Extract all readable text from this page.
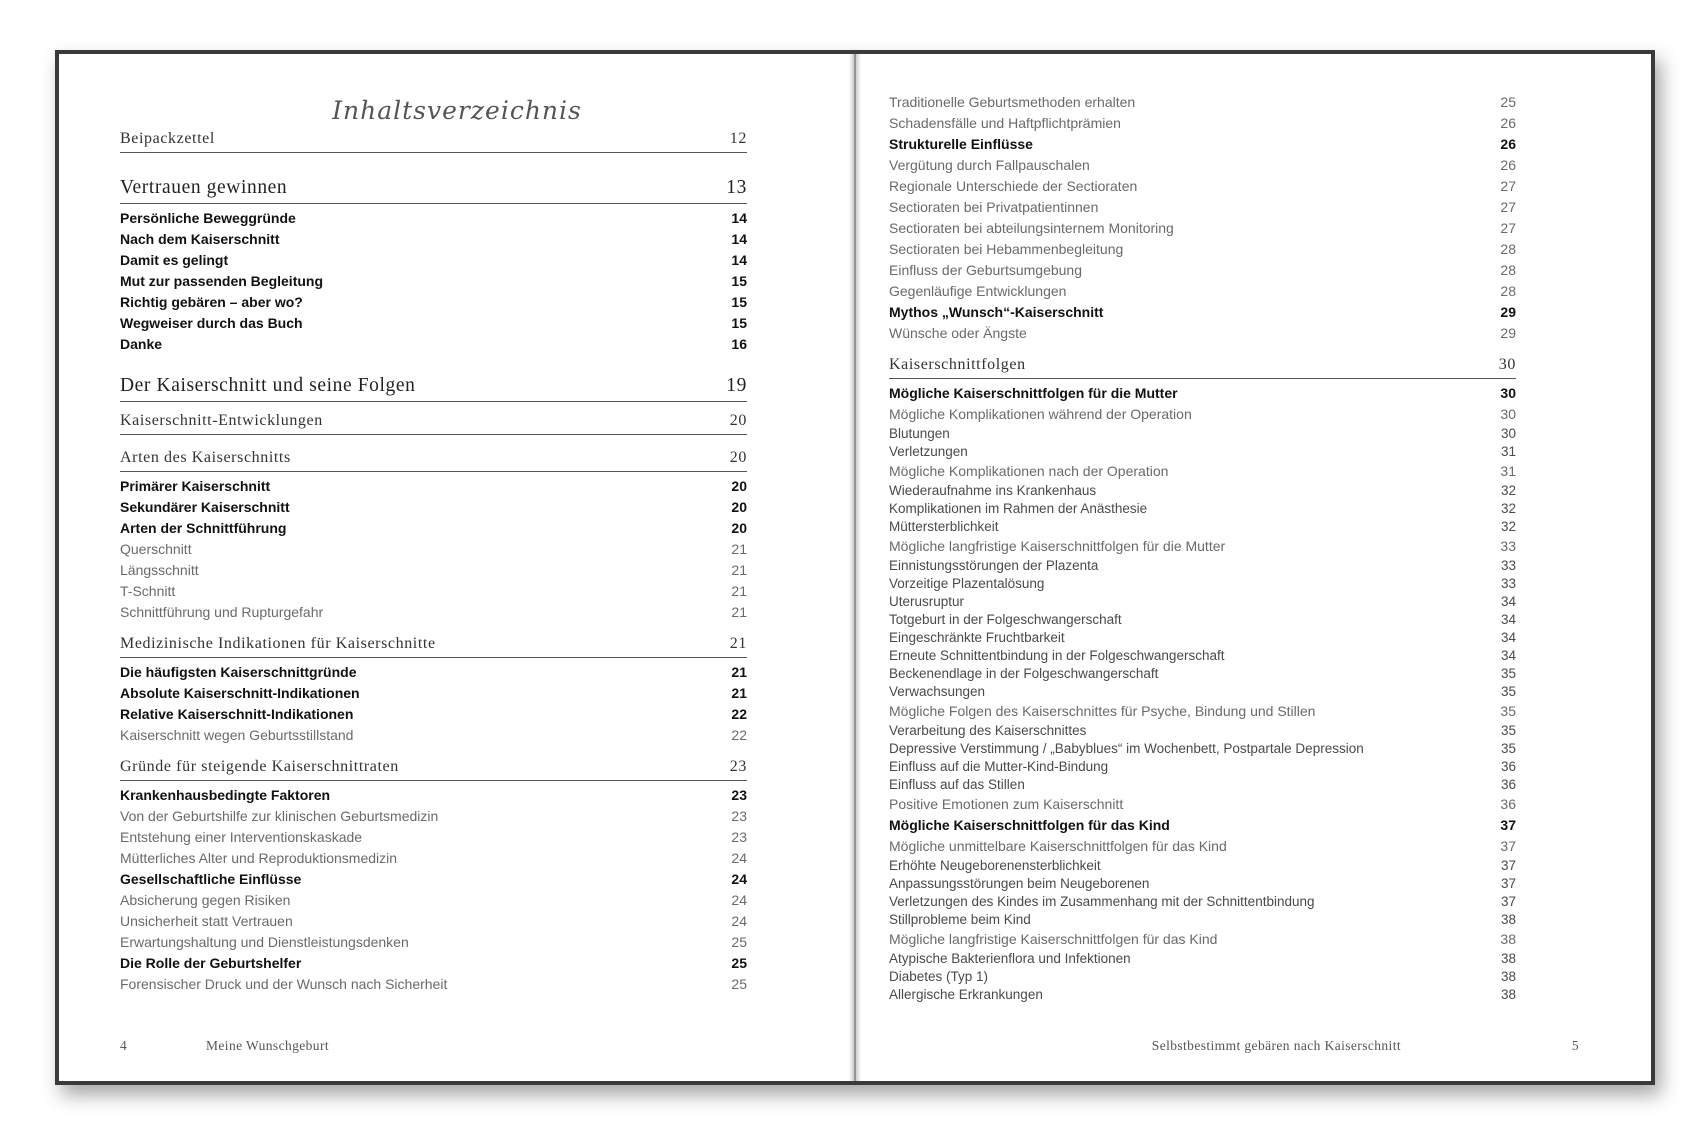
Inhaltsverzeichnis
Beipackzettel	12
Vertrauen gewinnen	13
Persönliche Beweggründe	14
Nach dem Kaiserschnitt	14
Damit es gelingt	14
Mut zur passenden Begleitung	15
Richtig gebären – aber wo?	15
Wegweiser durch das Buch	15
Danke	16
Der Kaiserschnitt und seine Folgen	19
Kaiserschnitt-Entwicklungen	20
Arten des Kaiserschnitts	20
Primärer Kaiserschnitt	20
Sekundärer Kaiserschnitt	20
Arten der Schnittführung	20
Querschnitt	21
Längsschnitt	21
T-Schnitt	21
Schnittführung und Rupturgefahr	21
Medizinische Indikationen für Kaiserschnitte	21
Die häufigsten Kaiserschnittgründe	21
Absolute Kaiserschnitt-Indikationen	21
Relative Kaiserschnitt-Indikationen	22
Kaiserschnitt wegen Geburtsstillstand	22
Gründe für steigende Kaiserschnittraten	23
Krankenhausbedingte Faktoren	23
Von der Geburtshilfe zur klinischen Geburtsmedizin	23
Entstehung einer Interventionskaskade	23
Mütterliches Alter und Reproduktionsmedizin	24
Gesellschaftliche Einflüsse	24
Absicherung gegen Risiken	24
Unsicherheit statt Vertrauen	24
Erwartungshaltung und Dienstleistungsdenken	25
Die Rolle der Geburtshelfer	25
Forensischer Druck und der Wunsch nach Sicherheit	25
4	Meine Wunschgeburt
Traditionelle Geburtsmethoden erhalten	25
Schadensfälle und Haftpflichtprämien	26
Strukturelle Einflüsse	26
Vergütung durch Fallpauschalen	26
Regionale Unterschiede der Sectioraten	27
Sectioraten bei Privatpatientinnen	27
Sectioraten bei abteilungsinternem Monitoring	27
Sectioraten bei Hebammenbegleitung	28
Einfluss der Geburtsumgebung	28
Gegenläufige Entwicklungen	28
Mythos „Wunsch“-Kaiserschnitt	29
Wünsche oder Ängste	29
Kaiserschnittfolgen	30
Mögliche Kaiserschnittfolgen für die Mutter	30
Mögliche Komplikationen während der Operation	30
Blutungen	30
Verletzungen	31
Mögliche Komplikationen nach der Operation	31
Wiederaufnahme ins Krankenhaus	32
Komplikationen im Rahmen der Anästhesie	32
Müttersterblichkeit	32
Mögliche langfristige Kaiserschnittfolgen für die Mutter	33
Einnistungsstörungen der Plazenta	33
Vorzeitige Plazentalösung	33
Uterusruptur	34
Totgeburt in der Folgeschwangerschaft	34
Eingeschränkte Fruchtbarkeit	34
Erneute Schnittentbindung in der Folgeschwangerschaft	34
Beckenendlage in der Folgeschwangerschaft	35
Verwachsungen	35
Mögliche Folgen des Kaiserschnittes für Psyche, Bindung und Stillen	35
Verarbeitung des Kaiserschnittes	35
Depressive Verstimmung / „Babyblues“ im Wochenbett, Postpartale Depression	35
Einfluss auf die Mutter-Kind-Bindung	36
Einfluss auf das Stillen	36
Positive Emotionen zum Kaiserschnitt	36
Mögliche Kaiserschnittfolgen für das Kind	37
Mögliche unmittelbare Kaiserschnittfolgen für das Kind	37
Erhöhte Neugeborenensterblichkeit	37
Anpassungsstörungen beim Neugeborenen	37
Verletzungen des Kindes im Zusammenhang mit der Schnittentbindung	37
Stillprobleme beim Kind	38
Mögliche langfristige Kaiserschnittfolgen für das Kind	38
Atypische Bakterienflora und Infektionen	38
Diabetes (Typ 1)	38
Allergische Erkrankungen	38
Selbstbestimmt gebären nach Kaiserschnitt	5
